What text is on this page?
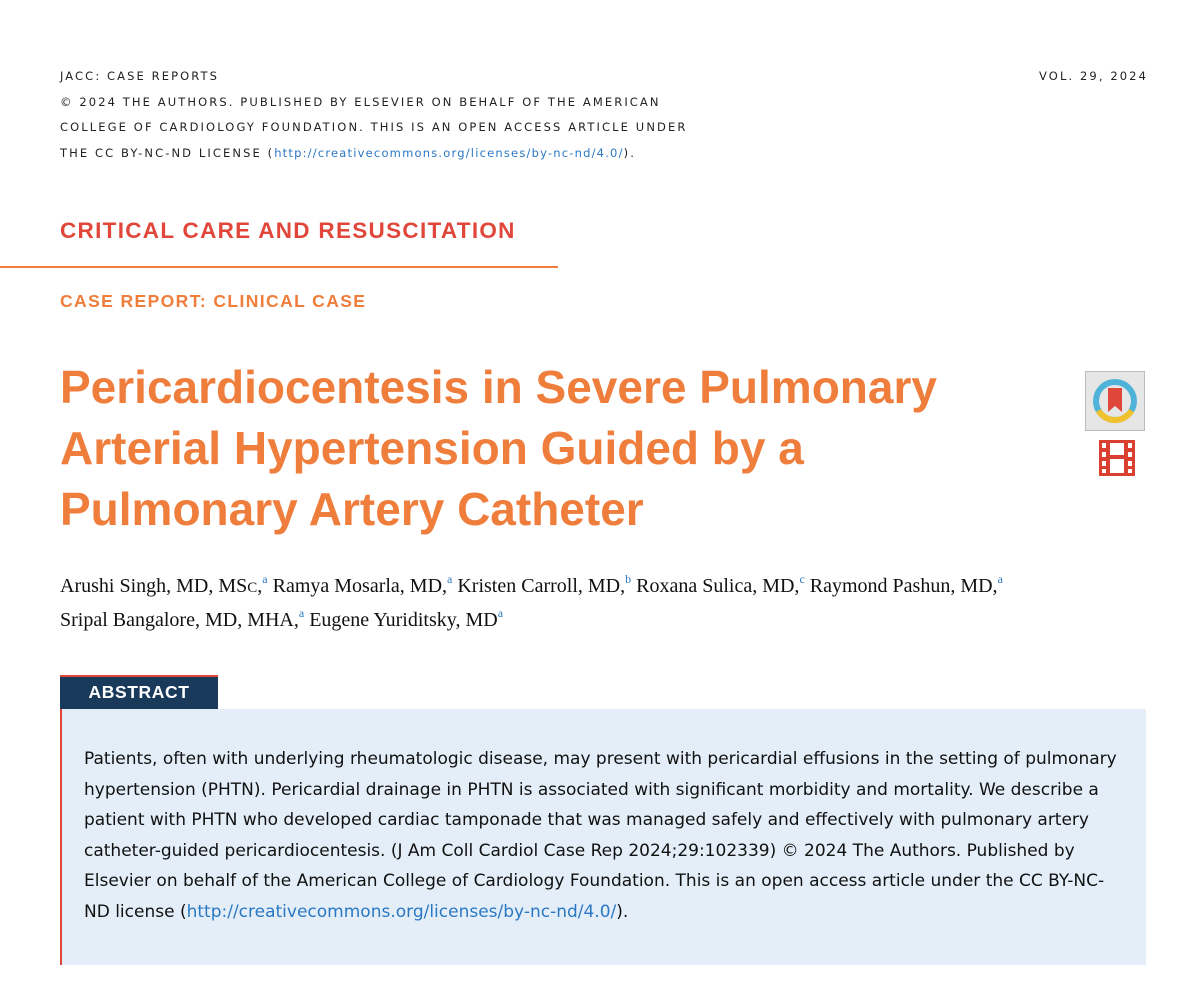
JACC: CASE REPORTS
© 2024 THE AUTHORS. PUBLISHED BY ELSEVIER ON BEHALF OF THE AMERICAN
COLLEGE OF CARDIOLOGY FOUNDATION. THIS IS AN OPEN ACCESS ARTICLE UNDER
THE CC BY-NC-ND LICENSE (http://creativecommons.org/licenses/by-nc-nd/4.0/).
VOL. 29, 2024
CRITICAL CARE AND RESUSCITATION
CASE REPORT: CLINICAL CASE
Pericardiocentesis in Severe Pulmonary
Arterial Hypertension Guided by a
Pulmonary Artery Catheter
Arushi Singh, MD, MSC,$^a$ Ramya Mosarla, MD,$^a$ Kristen Carroll, MD,$^b$ Roxana Sulica, MD,$^c$ Raymond Pashun, MD,$^a$
Sripal Bangalore, MD, MHA,$^a$ Eugene Yuriditsky, $MD^a$
ABSTRACT
Patients, often with underlying rheumatologic disease, may present with pericardial effusions in the setting of pulmonary hypertension (PHTN). Pericardial drainage in PHTN is associated with significant morbidity and mortality. We describe a patient with PHTN who developed cardiac tamponade that was managed safely and effectively with pulmonary artery catheter-guided pericardiocentesis. (J Am Coll Cardiol Case Rep 2024;29:102339) © 2024 The Authors. Published by Elsevier on behalf of the American College of Cardiology Foundation. This is an open access article under the CC BY-NC-ND license (http://creativecommons.org/licenses/by-nc-nd/4.0/).
